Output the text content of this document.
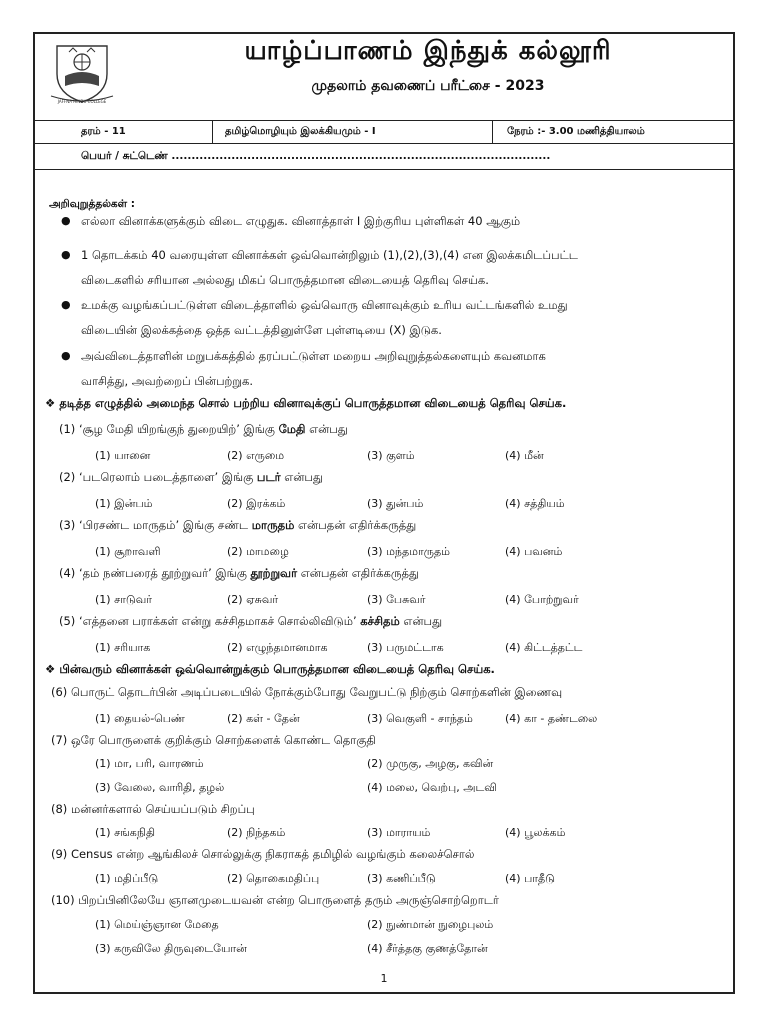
JAFFNA HINDU COLLEGE
யாழ்ப்பாணம் இந்துக் கல்லூரி
முதலாம் தவணைப் பரீட்சை - 2023
தரம் - 11	தமிழ்மொழியும் இலக்கியமும் - I	நேரம் :- 3.00 மணித்தியாலம்
பெயர் / சுட்டெண் ...............................................................................................
அறிவுறுத்தல்கள் :
● எல்லா வினாக்களுக்கும் விடை எழுதுக. வினாத்தாள் I இற்குரிய புள்ளிகள் 40 ஆகும்
● 1 தொடக்கம் 40 வரையுள்ள வினாக்கள் ஒவ்வொன்றிலும் (1),(2),(3),(4) என இலக்கமிடப்பட்ட
விடைகளில் சரியான அல்லது மிகப் பொருத்தமான விடையைத் தெரிவு செய்க.
● உமக்கு வழங்கப்பட்டுள்ள விடைத்தாளில் ஒவ்வொரு வினாவுக்கும் உரிய வட்டங்களில் உமது
விடையின் இலக்கத்தை ஒத்த வட்டத்தினுள்ளே புள்ளடியை (X) இடுக.
● அவ்விடைத்தாளின் மறுபக்கத்தில் தரப்பட்டுள்ள மறைய அறிவுறுத்தல்களையும் கவனமாக
வாசித்து, அவற்றைப் பின்பற்றுக.
❖ தடித்த எழுத்தில் அமைந்த சொல் பற்றிய வினாவுக்குப் பொருத்தமான விடையைத் தெரிவு செய்க.
(1) ‘சூழ மேதி யிறங்குந் துறையிற்’ இங்கு மேதி என்பது
(1) யானை	(2) எருமை	(3) குளம்	(4) மீன்
(2) ‘படரெலாம் படைத்தாளை’ இங்கு படர் என்பது
(1) இன்பம்	(2) இரக்கம்	(3) துன்பம்	(4) சத்தியம்
(3) ‘பிரசண்ட மாருதம்’ இங்கு சண்ட மாருதம் என்பதன் எதிர்க்கருத்து
(1) சூறாவளி	(2) மாமழை	(3) மந்தமாருதம்	(4) பவனம்
(4) ‘தம் நண்பரைத் தூற்றுவர்’ இங்கு தூற்றுவர் என்பதன் எதிர்க்கருத்து
(1) சாடுவர்	(2) ஏசுவர்	(3) பேசுவர்	(4) போற்றுவர்
(5) ‘எத்தனை பராக்கள் என்று கச்சிதமாகச் சொல்லிவிடும்’ கச்சிதம் என்பது
(1) சரியாக	(2) எழுந்தமானமாக	(3) பருமட்டாக	(4) கிட்டத்தட்ட
(6) பொருட் தொடர்பின் அடிப்படையில் நோக்கும்போது வேறுபட்டு நிற்கும் சொற்களின் இணைவு
(1) தையல்-பெண்	(2) கள் - தேன்	(3) வெகுளி - சாந்தம்	(4) கா - தண்டலை
(7) ஒரே பொருளைக் குறிக்கும் சொற்களைக் கொண்ட தொகுதி
(1) மா, பரி, வாரணம்	(2) முருகு, அழகு, கவின்
(3) வேலை, வாரிதி, தழல்	(4) மலை, வெற்பு, அடவி
(8) மன்னர்களால் செய்யப்படும் சிறப்பு
(1) சங்கநிதி	(2) நிந்தகம்	(3) மாராயம்	(4) பூலக்கம்
(9) Census என்ற ஆங்கிலச் சொல்லுக்கு நிகராகத் தமிழில் வழங்கும் கலைச்சொல்
(1) மதிப்பீடு	(2) தொகைமதிப்பு	(3) கணிப்பீடு	(4) பாதீடு
(10) பிறப்பினிலேயே ஞானமுடையவன் என்ற பொருளைத் தரும் அருஞ்சொற்றொடர்
(1) மெய்ஞ்ஞான மேதை	(2) நுண்மான் நுழைபுலம்
(3) கருவிலே திருவுடையோன்	(4) சீர்த்தகு குணத்தோன்
❖ பின்வரும் வினாக்கள் ஒவ்வொன்றுக்கும் பொருத்தமான விடையைத் தெரிவு செய்க.
1
